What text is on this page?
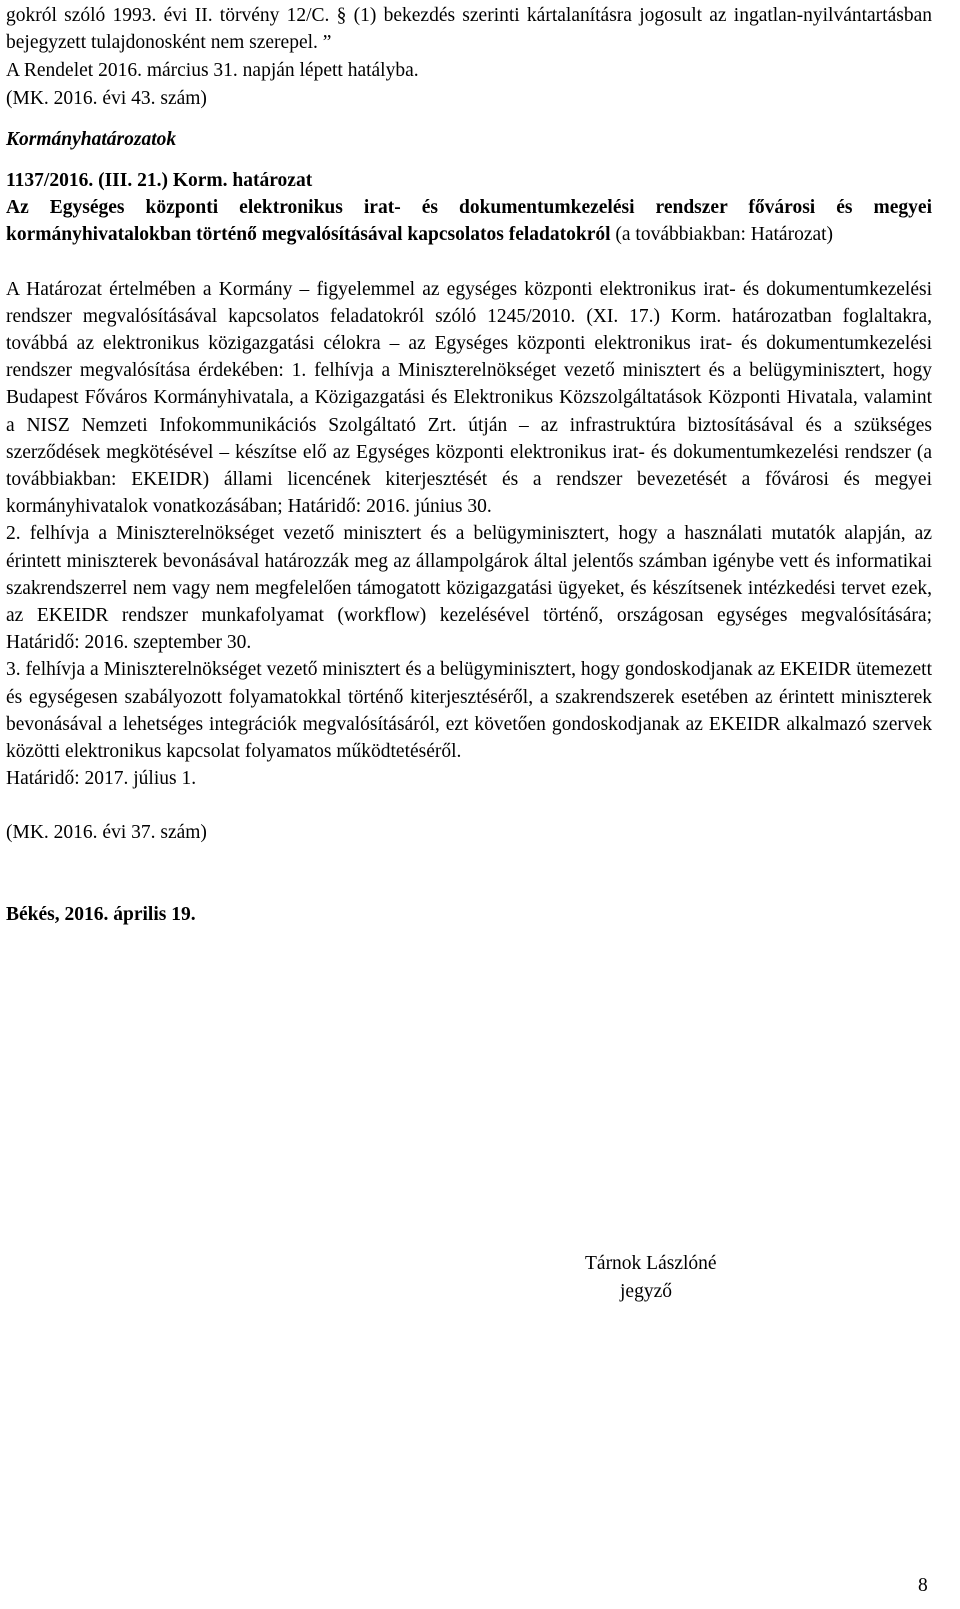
gokról szóló 1993. évi II. törvény 12/C. § (1) bekezdés szerinti kártalanításra jogosult az ingatlan-nyilvántartásban bejegyzett tulajdonosként nem szerepel. ”

A Rendelet 2016. március 31. napján lépett hatályba.

(MK. 2016. évi 43. szám)

Kormányhatározatok

1137/2016. (III. 21.) Korm. határozat

Az Egységes központi elektronikus irat- és dokumentumkezelési rendszer fővárosi és megyei kormányhivatalokban történő megvalósításával kapcsolatos feladatokról (a továbbiakban: Határozat)

A Határozat értelmében a Kormány – figyelemmel az egységes központi elektronikus irat- és dokumentumkezelési rendszer megvalósításával kapcsolatos feladatokról szóló 1245/2010. (XI. 17.) Korm. határozatban foglaltakra, továbbá az elektronikus közigazgatási célokra – az Egységes központi elektronikus irat- és dokumentumkezelési rendszer megvalósítása érdekében: 1. felhívja a Miniszterelnökséget vezető minisztert és a belügyminisztert, hogy Budapest Főváros Kormányhivatala, a Közigazgatási és Elektronikus Közszolgáltatások Központi Hivatala, valamint a NISZ Nemzeti Infokommunikációs Szolgáltató Zrt. útján – az infrastruktúra biztosításával és a szükséges szerződések megkötésével – készítse elő az Egységes központi elektronikus irat- és dokumentumkezelési rendszer (a továbbiakban: EKEIDR) állami licencének kiterjesztését és a rendszer bevezetését a fővárosi és megyei kormányhivatalok vonatkozásában; Határidő: 2016. június 30.

2. felhívja a Miniszterelnökséget vezető minisztert és a belügyminisztert, hogy a használati mutatók alapján, az érintett miniszterek bevonásával határozzák meg az állampolgárok által jelentős számban igénybe vett és informatikai szakrendszerrel nem vagy nem megfelelően támogatott közigazgatási ügyeket, és készítsenek intézkedési tervet ezek, az EKEIDR rendszer munkafolyamat (workflow) kezelésével történő, országosan egységes megvalósítására; Határidő: 2016. szeptember 30.

3. felhívja a Miniszterelnökséget vezető minisztert és a belügyminisztert, hogy gondoskodjanak az EKEIDR ütemezett és egységesen szabályozott folyamatokkal történő kiterjesztéséről, a szakrendszerek esetében az érintett miniszterek bevonásával a lehetséges integrációk megvalósításáról, ezt követően gondoskodjanak az EKEIDR alkalmazó szervek közötti elektronikus kapcsolat folyamatos működtetéséről.

Határidő: 2017. július 1.

(MK. 2016. évi 37. szám)

Békés, 2016. április 19.

Tárnok Lászlóné
jegyző
8
